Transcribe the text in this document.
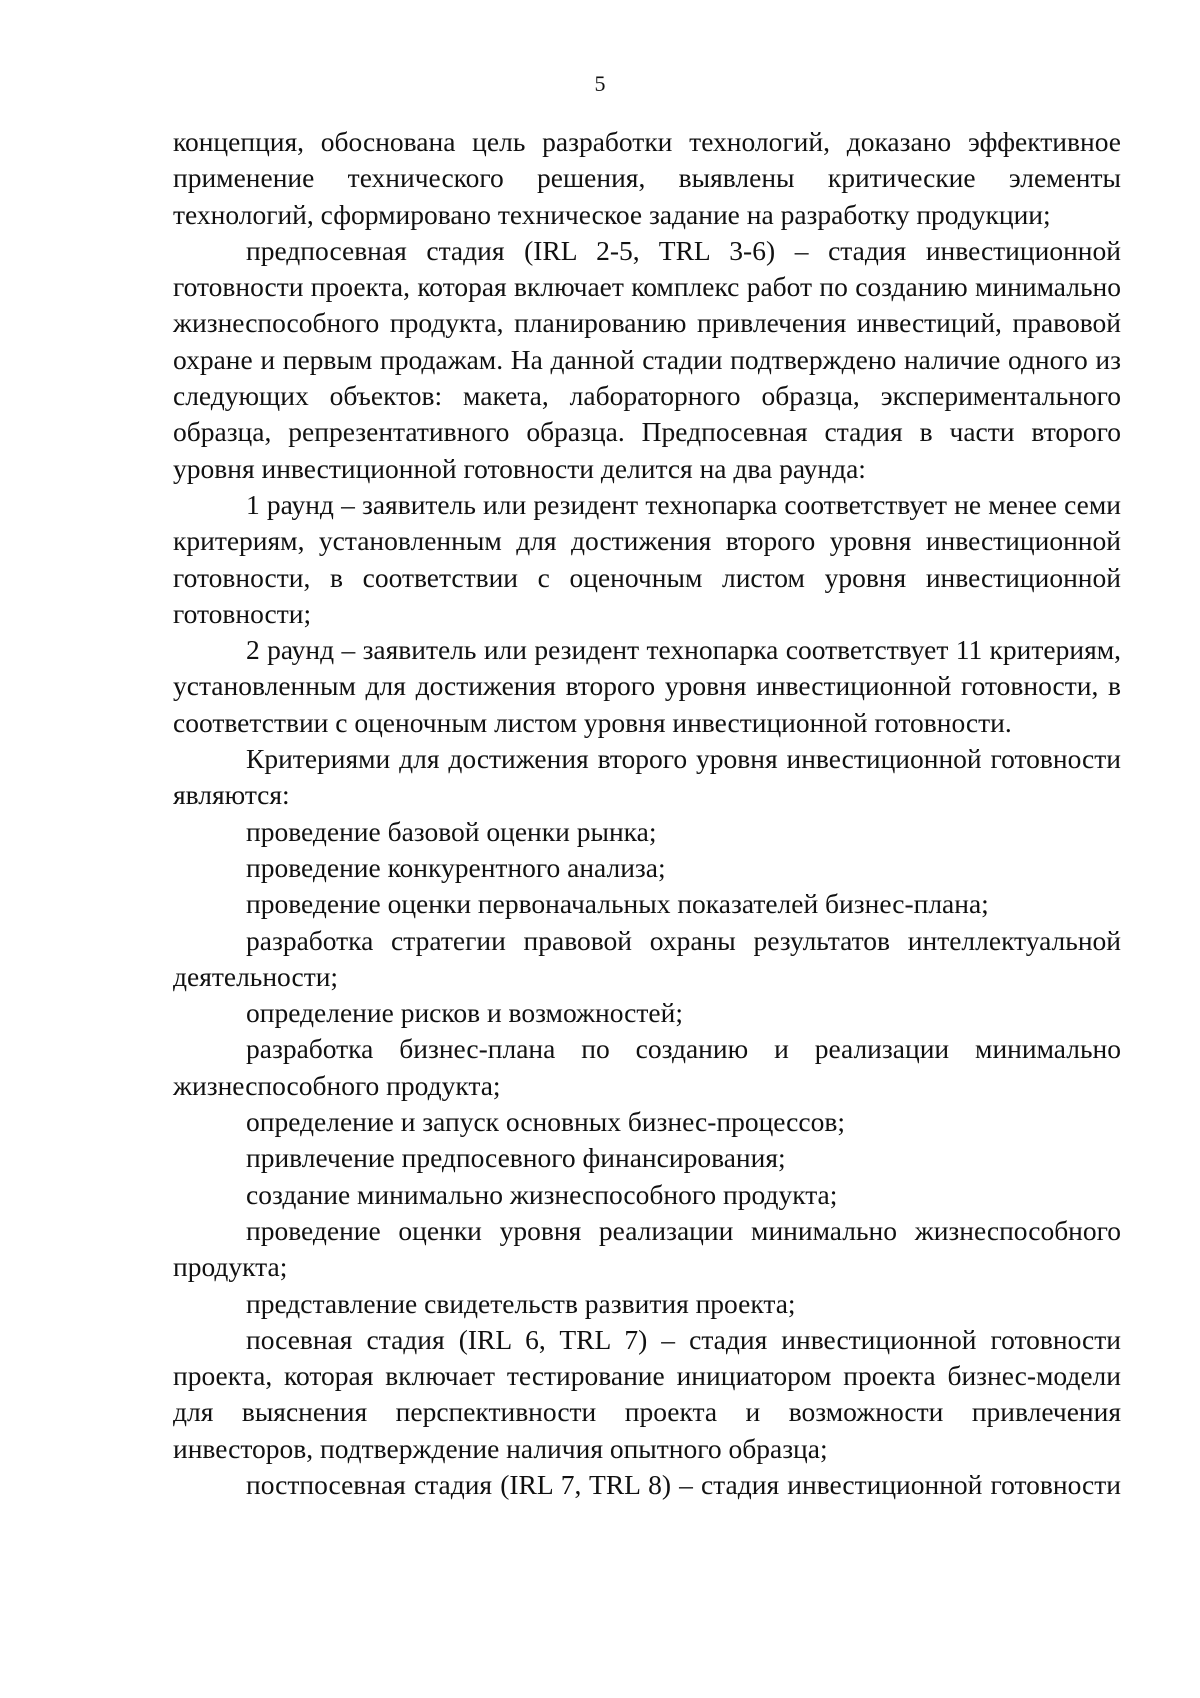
5

концепция, обоснована цель разработки технологий, доказано эффективное применение технического решения, выявлены критические элементы технологий, сформировано техническое задание на разработку продукции;

предпосевная стадия (IRL 2-5, TRL 3-6) – стадия инвестиционной готовности проекта, которая включает комплекс работ по созданию минимально жизнеспособного продукта, планированию привлечения инвестиций, правовой охране и первым продажам. На данной стадии подтверждено наличие одного из следующих объектов: макета, лабораторного образца, экспериментального образца, репрезентативного образца. Предпосевная стадия в части второго уровня инвестиционной готовности делится на два раунда:

1 раунд – заявитель или резидент технопарка соответствует не менее семи критериям, установленным для достижения второго уровня инвестиционной готовности, в соответствии с оценочным листом уровня инвестиционной готовности;

2 раунд – заявитель или резидент технопарка соответствует 11 критериям, установленным для достижения второго уровня инвестиционной готовности, в соответствии с оценочным листом уровня инвестиционной готовности.

Критериями для достижения второго уровня инвестиционной готовности являются:

проведение базовой оценки рынка;

проведение конкурентного анализа;

проведение оценки первоначальных показателей бизнес-плана;

разработка стратегии правовой охраны результатов интеллектуальной деятельности;

определение рисков и возможностей;

разработка бизнес-плана по созданию и реализации минимально жизнеспособного продукта;

определение и запуск основных бизнес-процессов;

привлечение предпосевного финансирования;

создание минимально жизнеспособного продукта;

проведение оценки уровня реализации минимально жизнеспособного продукта;

представление свидетельств развития проекта;

посевная стадия (IRL 6, TRL 7) – стадия инвестиционной готовности проекта, которая включает тестирование инициатором проекта бизнес-модели для выяснения перспективности проекта и возможности привлечения инвесторов, подтверждение наличия опытного образца;

постпосевная стадия (IRL 7, TRL 8) – стадия инвестиционной готовности
